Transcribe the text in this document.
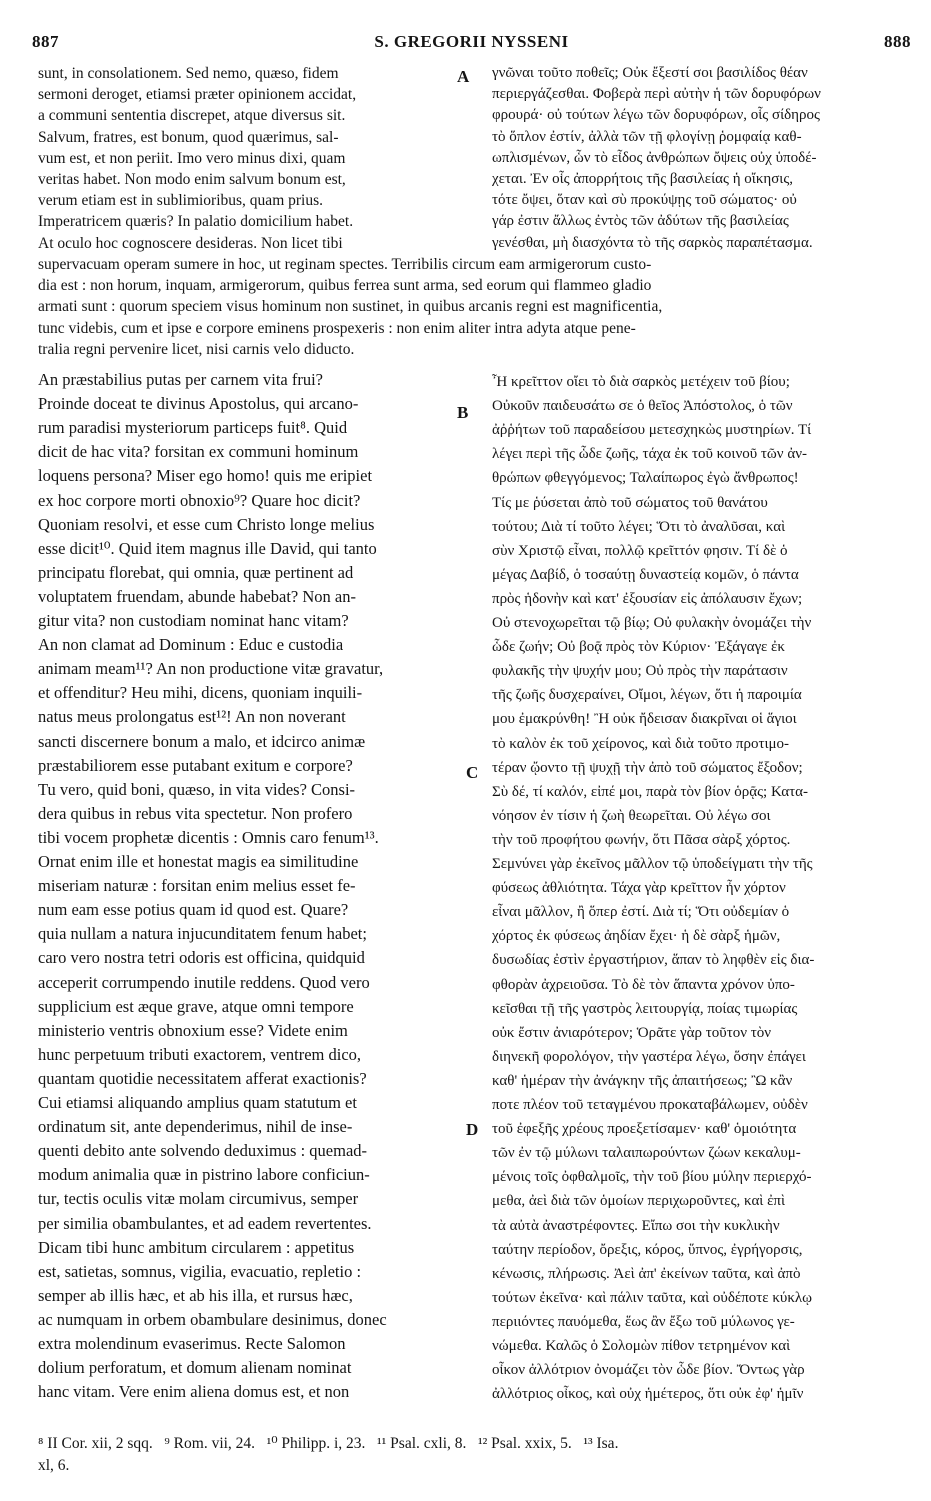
887	S. GREGORII NYSSENI	888
sunt, in consolationem. Sed nemo, quæso, fidem
sermoni deroget, etiamsi præter opinionem accidat,
a communi sententia discrepet, atque diversus sit.
Salvum, fratres, est bonum, quod quærimus, sal-
vum est, et non periit. Imo vero minus dixi, quam
veritas habet. Non modo enim salvum bonum est,
verum etiam est in sublimioribus, quam prius.
Imperatricem quæris? In palatio domicilium habet.
At oculo hoc cognoscere desideras. Non licet tibi
γνῶναι τοῦτο ποθεῖς; Οὐκ ἔξεστί σοι βασιλίδος θέαν
περιεργάζεσθαι. Φοβερὰ περὶ αὐτὴν ἡ τῶν δορυφόρων
φρουρά· οὐ τούτων λέγω τῶν δορυφόρων, οἷς σίδηρος
τὸ ὅπλον ἐστίν, ἀλλὰ τῶν τῇ φλογίνῃ ῥομφαίᾳ καθ-
ωπλισμένων, ὧν τὸ εἶδος ἀνθρώπων ὄψεις οὐχ ὑποδέ-
χεται. Ἐν οἷς ἀπορρήτοις τῆς βασιλείας ἡ οἴκησις,
τότε ὄψει, ὅταν καὶ σὺ προκύψῃς τοῦ σώματος· οὐ
γάρ ἐστιν ἄλλως ἐντὸς τῶν ἀδύτων τῆς βασιλείας
γενέσθαι, μὴ διασχόντα τὸ τῆς σαρκὸς παραπέτασμα.
supervacuam operam sumere in hoc, ut reginam spectes. Terribilis circum eam armigerorum custo-
dia est : non horum, inquam, armigerorum, quibus ferrea sunt arma, sed eorum qui flammeo gladio
armati sunt : quorum speciem visus hominum non sustinet, in quibus arcanis regni est magnificentia,
tunc videbis, cum et ipse e corpore eminens prospexeris : non enim aliter intra adyta atque pene-
tralia regni pervenire licet, nisi carnis velo diducto.
An præstabilius putas per carnem vita frui?
Proinde doceat te divinus Apostolus, qui arcano-
rum paradisi mysteriorum particeps fuit⁸. Quid
dicit de hac vita? forsitan ex communi hominum
loquens persona? Miser ego homo! quis me eripiet
ex hoc corpore morti obnoxio⁹? Quare hoc dicit?
Quoniam resolvi, et esse cum Christo longe melius
esse dicit¹⁰. Quid item magnus ille David, qui tanto
principatu florebat, qui omnia, quæ pertinent ad
voluptatem fruendam, abunde habebat? Non an-
gitur vita? non custodiam nominat hanc vitam?
An non clamat ad Dominum : Educ e custodia
animam meam¹¹? An non productione vitæ gravatur,
et offenditur? Heu mihi, dicens, quoniam inquili-
natus meus prolongatus est¹²! An non noverant
sancti discernere bonum a malo, et idcirco animæ
præstabiliorem esse putabant exitum e corpore?
Tu vero, quid boni, quæso, in vita vides? Consi-
dera quibus in rebus vita spectetur. Non profero
tibi vocem prophetæ dicentis : Omnis caro fenum¹³.
Ornat enim ille et honestat magis ea similitudine
miseriam naturæ : forsitan enim melius esset fe-
num eam esse potius quam id quod est. Quare?
quia nullam a natura injucunditatem fenum habet;
caro vero nostra tetri odoris est officina, quidquid
acceperit corrumpendo inutile reddens. Quod vero
supplicium est æque grave, atque omni tempore
ministerio ventris obnoxium esse? Videte enim
hunc perpetuum tributi exactorem, ventrem dico,
quantam quotidie necessitatem afferat exactionis?
Cui etiamsi aliquando amplius quam statutum et
ordinatum sit, ante dependerimus, nihil de inse-
quenti debito ante solvendo deduximus : quemad-
modum animalia quæ in pistrino labore conficiun-
tur, tectis oculis vitæ molam circumivus, semper
per similia obambulantes, et ad eadem revertentes.
Dicam tibi hunc ambitum circularem : appetitus
est, satietas, somnus, vigilia, evacuatio, repletio :
semper ab illis hæc, et ab his illa, et rursus hæc,
ac numquam in orbem obambulare desinimus, donec
extra molendinum evaserimus. Recte Salomon
dolium perforatum, et domum alienam nominat
hanc vitam. Vere enim aliena domus est, et non
Ἦ κρεῖττον οἴει τὸ διὰ σαρκὸς μετέχειν τοῦ βίου;
Οὐκοῦν παιδευσάτω σε ὁ θεῖος Ἀπόστολος, ὁ τῶν
ἀῤῥήτων τοῦ παραδείσου μετεσχηκὼς μυστηρίων. Τί
λέγει περὶ τῆς ὧδε ζωῆς, τάχα ἐκ τοῦ κοινοῦ τῶν ἀν-
θρώπων φθεγγόμενος; Ταλαίπωρος ἐγὼ ἄνθρωπος!
Τίς με ῥύσεται ἀπὸ τοῦ σώματος τοῦ θανάτου
τούτου; Διὰ τί τοῦτο λέγει; Ὅτι τὸ ἀναλῦσαι, καὶ
σὺν Χριστῷ εἶναι, πολλῷ κρεῖττόν φησιν. Τί δὲ ὁ
μέγας Δαβίδ, ὁ τοσαύτῃ δυναστείᾳ κομῶν, ὁ πάντα
πρὸς ἡδονὴν καὶ κατ' ἐξουσίαν εἰς ἀπόλαυσιν ἔχων;
Οὐ στενοχωρεῖται τῷ βίῳ; Οὐ φυλακὴν ὀνομάζει τὴν
ὧδε ζωήν; Οὐ βοᾷ πρὸς τὸν Κύριον· Ἐξάγαγε ἐκ
φυλακῆς τὴν ψυχήν μου; Οὐ πρὸς τὴν παράτασιν
τῆς ζωῆς δυσχεραίνει, Οἴμοι, λέγων, ὅτι ἡ παροιμία
μου ἐμακρύνθη! Ἢ οὐκ ἤδεισαν διακρῖναι οἱ ἅγιοι
τὸ καλὸν ἐκ τοῦ χείρονος, καὶ διὰ τοῦτο προτιμο-
τέραν ᾤοντο τῇ ψυχῇ τὴν ἀπὸ τοῦ σώματος ἔξοδον;
Σὺ δέ, τί καλόν, εἰπέ μοι, παρὰ τὸν βίον ὁρᾷς; Κατα-
νόησον ἐν τίσιν ἡ ζωὴ θεωρεῖται. Οὐ λέγω σοι
τὴν τοῦ προφήτου φωνήν, ὅτι Πᾶσα σὰρξ χόρτος.
Σεμνύνει γὰρ ἐκεῖνος μᾶλλον τῷ ὑποδείγματι τὴν τῆς
φύσεως ἀθλιότητα. Τάχα γὰρ κρεῖττον ἦν χόρτον
εἶναι μᾶλλον, ἢ ὅπερ ἐστί. Διὰ τί; Ὅτι οὐδεμίαν ὁ
χόρτος ἐκ φύσεως ἀηδίαν ἔχει· ἡ δὲ σὰρξ ἡμῶν,
δυσωδίας ἐστὶν ἐργαστήριον, ἅπαν τὸ ληφθὲν εἰς δια-
φθορὰν ἀχρειοῦσα. Τὸ δὲ τὸν ἅπαντα χρόνον ὑπο-
κεῖσθαι τῇ τῆς γαστρὸς λειτουργίᾳ, ποίας τιμωρίας
οὐκ ἔστιν ἀνιαρότερον; Ὁρᾶτε γὰρ τοῦτον τὸν
διηνεκῆ φορολόγον, τὴν γαστέρα λέγω, ὅσην ἐπάγει
καθ' ἡμέραν τὴν ἀνάγκην τῆς ἀπαιτήσεως; Ὢ κἂν
ποτε πλέον τοῦ τεταγμένου προκαταβάλωμεν, οὐδὲν
τοῦ ἐφεξῆς χρέους προεξετίσαμεν· καθ' ὁμοιότητα
τῶν ἐν τῷ μύλωνι ταλαιπωρούντων ζώων κεκαλυμ-
μένοις τοῖς ὀφθαλμοῖς, τὴν τοῦ βίου μύλην περιερχό-
μεθα, ἀεὶ διὰ τῶν ὁμοίων περιχωροῦντες, καὶ ἐπὶ
τὰ αὐτὰ ἀναστρέφοντες. Εἴπω σοι τὴν κυκλικὴν
ταύτην περίοδον, ὄρεξις, κόρος, ὕπνος, ἐγρήγορσις,
κένωσις, πλήρωσις. Ἀεὶ ἀπ' ἐκείνων ταῦτα, καὶ ἀπὸ
τούτων ἐκεῖνα· καὶ πάλιν ταῦτα, καὶ οὐδέποτε κύκλῳ
περιιόντες παυόμεθα, ἕως ἂν ἔξω τοῦ μύλωνος γε-
νώμεθα. Καλῶς ὁ Σολομὼν πίθον τετρημένον καὶ
οἶκον ἀλλότριον ὀνομάζει τὸν ὧδε βίον. Ὄντως γὰρ
ἀλλότριος οἶκος, καὶ οὐχ ἡμέτερος, ὅτι οὐκ ἐφ' ἡμῖν
A
B
C
D
⁸ II Cor. xii, 2 sqq.   ⁹ Rom. vii, 24.   ¹⁰ Philipp. i, 23.   ¹¹ Psal. cxli, 8.   ¹² Psal. xxix, 5.   ¹³ Isa.
xl, 6.
